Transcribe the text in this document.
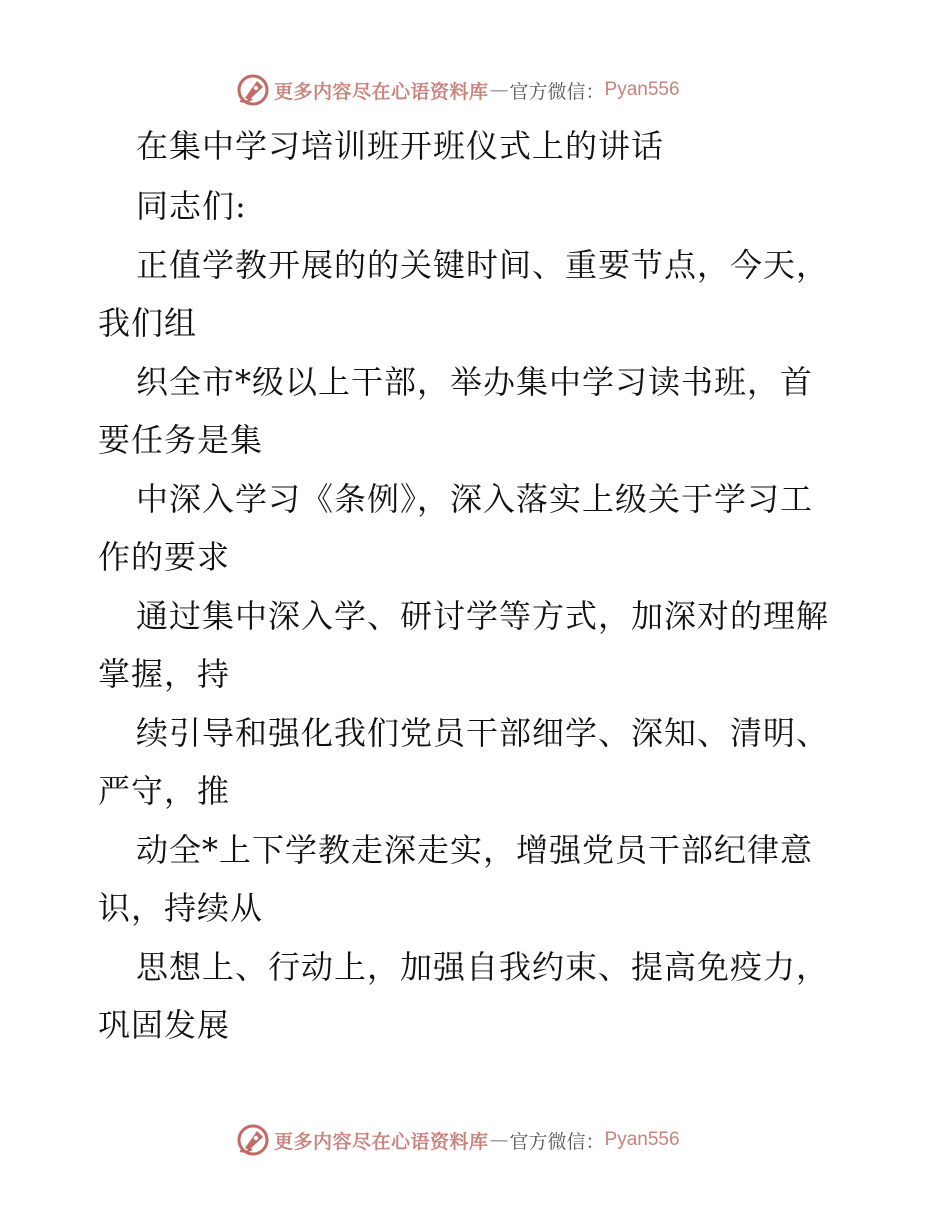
更多内容尽在心语资料库 — 官方微信： Pyan556
在集中学习培训班开班仪式上的讲话
同志们:
正值学教开展的的关键时间、重要节点，今天，
我们组
织全市*级以上干部，举办集中学习读书班，首
要任务是集
中深入学习《条例》，深入落实上级关于学习工
作的要求
通过集中深入学、研讨学等方式，加深对的理解
掌握，持
续引导和强化我们党员干部细学、深知、清明、
严守，推
动全*上下学教走深走实，增强党员干部纪律意
识，持续从
思想上、行动上，加强自我约束、提高免疫力，
巩固发展
更多内容尽在心语资料库 — 官方微信： Pyan556
